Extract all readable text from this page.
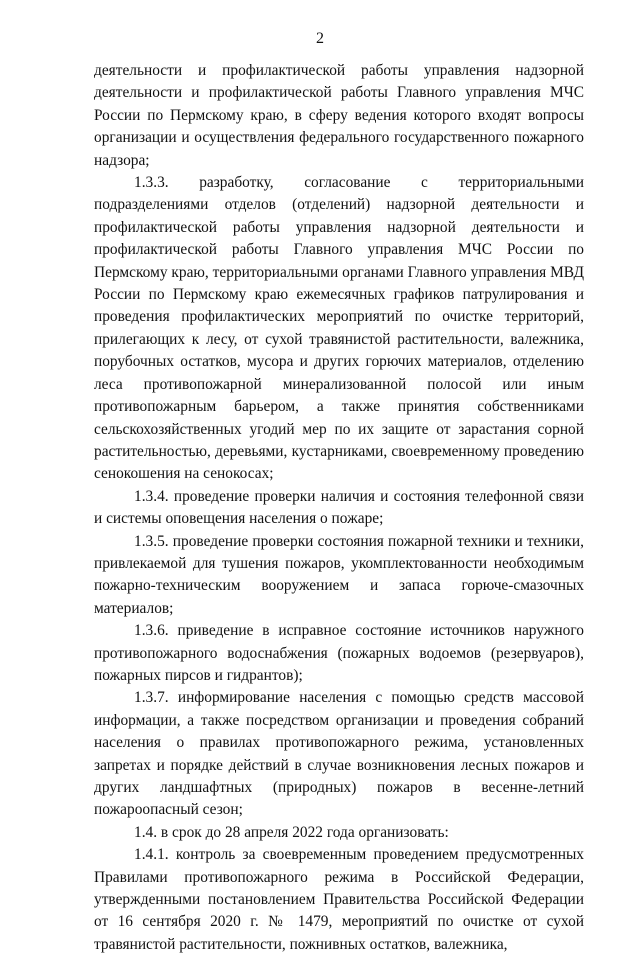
2

деятельности и профилактической работы управления надзорной деятельности и профилактической работы Главного управления МЧС России по Пермскому краю, в сферу ведения которого входят вопросы организации и осуществления федерального государственного пожарного надзора;

1.3.3. разработку, согласование с территориальными подразделениями отделов (отделений) надзорной деятельности и профилактической работы управления надзорной деятельности и профилактической работы Главного управления МЧС России по Пермскому краю, территориальными органами Главного управления МВД России по Пермскому краю ежемесячных графиков патрулирования и проведения профилактических мероприятий по очистке территорий, прилегающих к лесу, от сухой травянистой растительности, валежника, порубочных остатков, мусора и других горючих материалов, отделению леса противопожарной минерализованной полосой или иным противопожарным барьером, а также принятия собственниками сельскохозяйственных угодий мер по их защите от зарастания сорной растительностью, деревьями, кустарниками, своевременному проведению сенокошения на сенокосах;

1.3.4. проведение проверки наличия и состояния телефонной связи и системы оповещения населения о пожаре;

1.3.5. проведение проверки состояния пожарной техники и техники, привлекаемой для тушения пожаров, укомплектованности необходимым пожарно-техническим вооружением и запаса горюче-смазочных материалов;

1.3.6. приведение в исправное состояние источников наружного противопожарного водоснабжения (пожарных водоемов (резервуаров), пожарных пирсов и гидрантов);

1.3.7. информирование населения с помощью средств массовой информации, а также посредством организации и проведения собраний населения о правилах противопожарного режима, установленных запретах и порядке действий в случае возникновения лесных пожаров и других ландшафтных (природных) пожаров в весенне-летний пожароопасный сезон;

1.4. в срок до 28 апреля 2022 года организовать:

1.4.1. контроль за своевременным проведением предусмотренных Правилами противопожарного режима в Российской Федерации, утвержденными постановлением Правительства Российской Федерации от 16 сентября 2020 г. № 1479, мероприятий по очистке от сухой травянистой растительности, пожнивных остатков, валежника,
